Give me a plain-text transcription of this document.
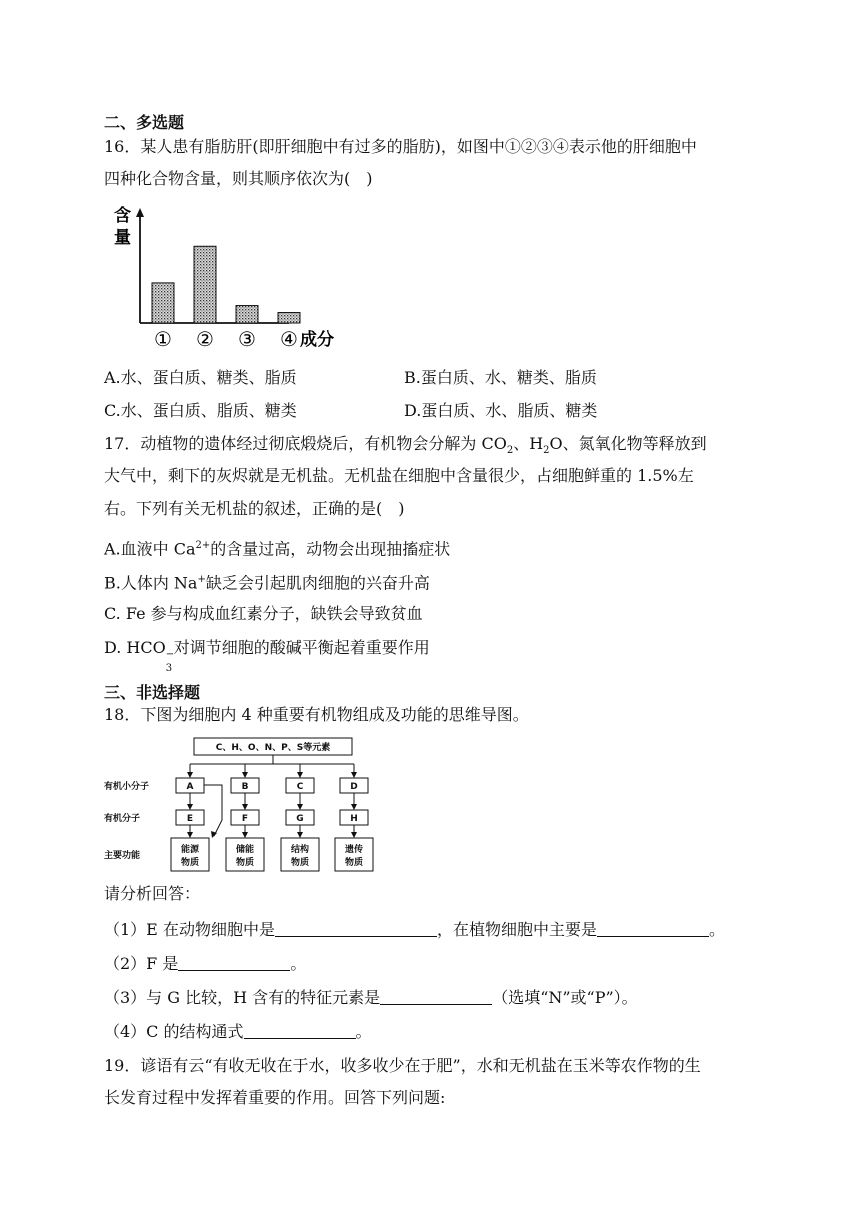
二、多选题
16．某人患有脂肪肝(即肝细胞中有过多的脂肪)，如图中①②③④表示他的肝细胞中
四种化合物含量，则其顺序依次为(　)
含
量
① ② ③ ④ 成分
A.水、蛋白质、糖类、脂质	B.蛋白质、水、糖类、脂质
C.水、蛋白质、脂质、糖类	D.蛋白质、水、脂质、糖类
17．动植物的遗体经过彻底煅烧后，有机物会分解为 $CO_2$、$H_2O$、氮氧化物等释放到
大气中，剩下的灰烬就是无机盐。无机盐在细胞中含量很少，占细胞鲜重的 1.5%左
右。下列有关无机盐的叙述，正确的是(　)
A.血液中 $Ca^{2+}$的含量过高，动物会出现抽搐症状
B.人体内 Na+缺乏会引起肌肉细胞的兴奋升高
C. Fe 参与构成血红素分子，缺铁会导致贫血
D. HCO −
3
对调节细胞的酸碱平衡起着重要作用
三、非选择题
18．下图为细胞内 4 种重要有机物组成及功能的思维导图。
C、H、O、N、P、S等元素
有机小分子
有机分子
主要功能
A	B	C	D
E	F	G	H
能源
物质
储能
物质
结构
物质
遗传
物质
请分析回答：
（1）E 在动物细胞中是	，在植物细胞中主要是	。
（2）F 是	。
（3）与 G 比较，H 含有的特征元素是	（选填“N”或“P”）。
（4）C 的结构通式	。
19．谚语有云“有收无收在于水，收多收少在于肥”，水和无机盐在玉米等农作物的生
长发育过程中发挥着重要的作用。回答下列问题:
